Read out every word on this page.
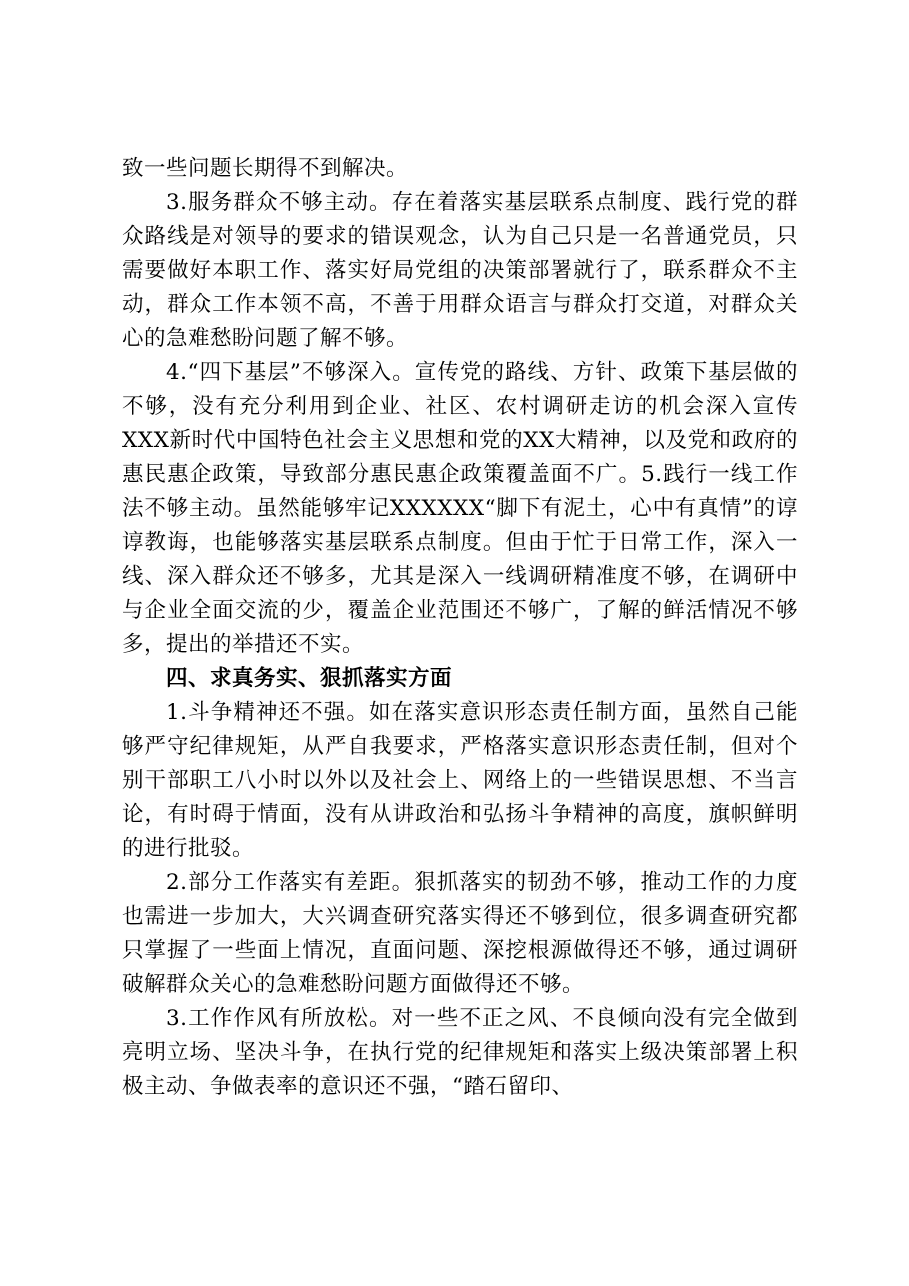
致一些问题长期得不到解决。

3.服务群众不够主动。存在着落实基层联系点制度、践行党的群众路线是对领导的要求的错误观念，认为自己只是一名普通党员，只需要做好本职工作、落实好局党组的决策部署就行了，联系群众不主动，群众工作本领不高，不善于用群众语言与群众打交道，对群众关心的急难愁盼问题了解不够。

4.“四下基层”不够深入。宣传党的路线、方针、政策下基层做的不够，没有充分利用到企业、社区、农村调研走访的机会深入宣传XXX新时代中国特色社会主义思想和党的XX大精神，以及党和政府的惠民惠企政策，导致部分惠民惠企政策覆盖面不广。5.践行一线工作法不够主动。虽然能够牢记XXXXXX“脚下有泥土，心中有真情”的谆谆教诲，也能够落实基层联系点制度。但由于忙于日常工作，深入一线、深入群众还不够多，尤其是深入一线调研精准度不够，在调研中与企业全面交流的少，覆盖企业范围还不够广，了解的鲜活情况不够多，提出的举措还不实。

四、求真务实、狠抓落实方面

1.斗争精神还不强。如在落实意识形态责任制方面，虽然自己能够严守纪律规矩，从严自我要求，严格落实意识形态责任制，但对个别干部职工八小时以外以及社会上、网络上的一些错误思想、不当言论，有时碍于情面，没有从讲政治和弘扬斗争精神的高度，旗帜鲜明的进行批驳。

2.部分工作落实有差距。狠抓落实的韧劲不够，推动工作的力度也需进一步加大，大兴调查研究落实得还不够到位，很多调查研究都只掌握了一些面上情况，直面问题、深挖根源做得还不够，通过调研破解群众关心的急难愁盼问题方面做得还不够。

3.工作作风有所放松。对一些不正之风、不良倾向没有完全做到亮明立场、坚决斗争，在执行党的纪律规矩和落实上级决策部署上积极主动、争做表率的意识还不强，“踏石留印、
